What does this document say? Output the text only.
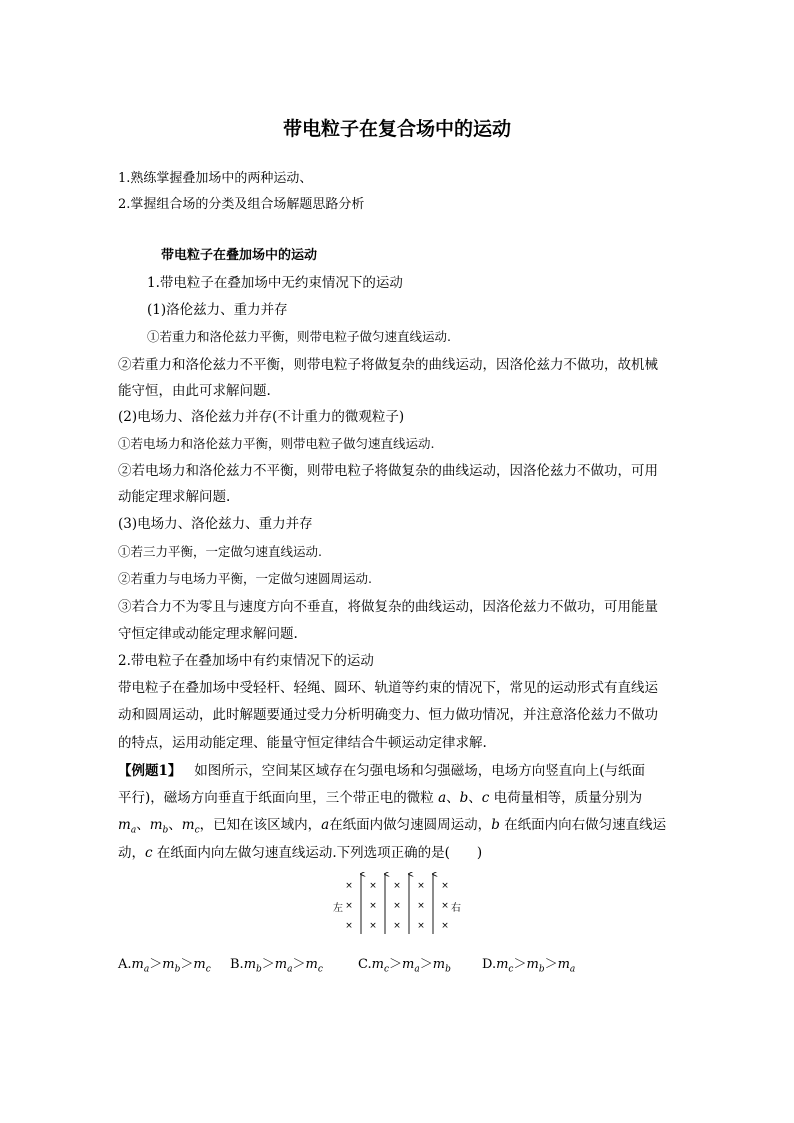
带电粒子在复合场中的运动
1.熟练掌握叠加场中的两种运动、
2.掌握组合场的分类及组合场解题思路分析
带电粒子在叠加场中的运动
1.带电粒子在叠加场中无约束情况下的运动
(1)洛伦兹力、重力并存
①若重力和洛伦兹力平衡，则带电粒子做匀速直线运动.
②若重力和洛伦兹力不平衡，则带电粒子将做复杂的曲线运动，因洛伦兹力不做功，故机械
能守恒，由此可求解问题.
(2)电场力、洛伦兹力并存(不计重力的微观粒子)
①若电场力和洛伦兹力平衡，则带电粒子做匀速直线运动.
②若电场力和洛伦兹力不平衡，则带电粒子将做复杂的曲线运动，因洛伦兹力不做功，可用
动能定理求解问题.
(3)电场力、洛伦兹力、重力并存
①若三力平衡，一定做匀速直线运动.
②若重力与电场力平衡，一定做匀速圆周运动.
③若合力不为零且与速度方向不垂直，将做复杂的曲线运动，因洛伦兹力不做功，可用能量
守恒定律或动能定理求解问题.
2.带电粒子在叠加场中有约束情况下的运动
带电粒子在叠加场中受轻杆、轻绳、圆环、轨道等约束的情况下，常见的运动形式有直线运
动和圆周运动，此时解题要通过受力分析明确变力、恒力做功情况，并注意洛伦兹力不做功
的特点，运用动能定理、能量守恒定律结合牛顿运动定律求解.
【例题1】 如图所示，空间某区域存在匀强电场和匀强磁场，电场方向竖直向上(与纸面
平行)，磁场方向垂直于纸面向里，三个带正电的微粒 a、b、c 电荷量相等，质量分别为
$m_a$、$m_b$、$m_c$，已知在该区域内，a在纸面内做匀速圆周运动，b 在纸面内向右做匀速直线运
动，c 在纸面内向左做匀速直线运动.下列选项正确的是(　　)
× × × × ×
× × × × ×
× × × × ×
左	右
$A.m_a>m_b>m_c$ $B.m_b>m_a>m_c$	$C.m_c>m_a>m_b$ $D.m_c>m_b>m_a$
